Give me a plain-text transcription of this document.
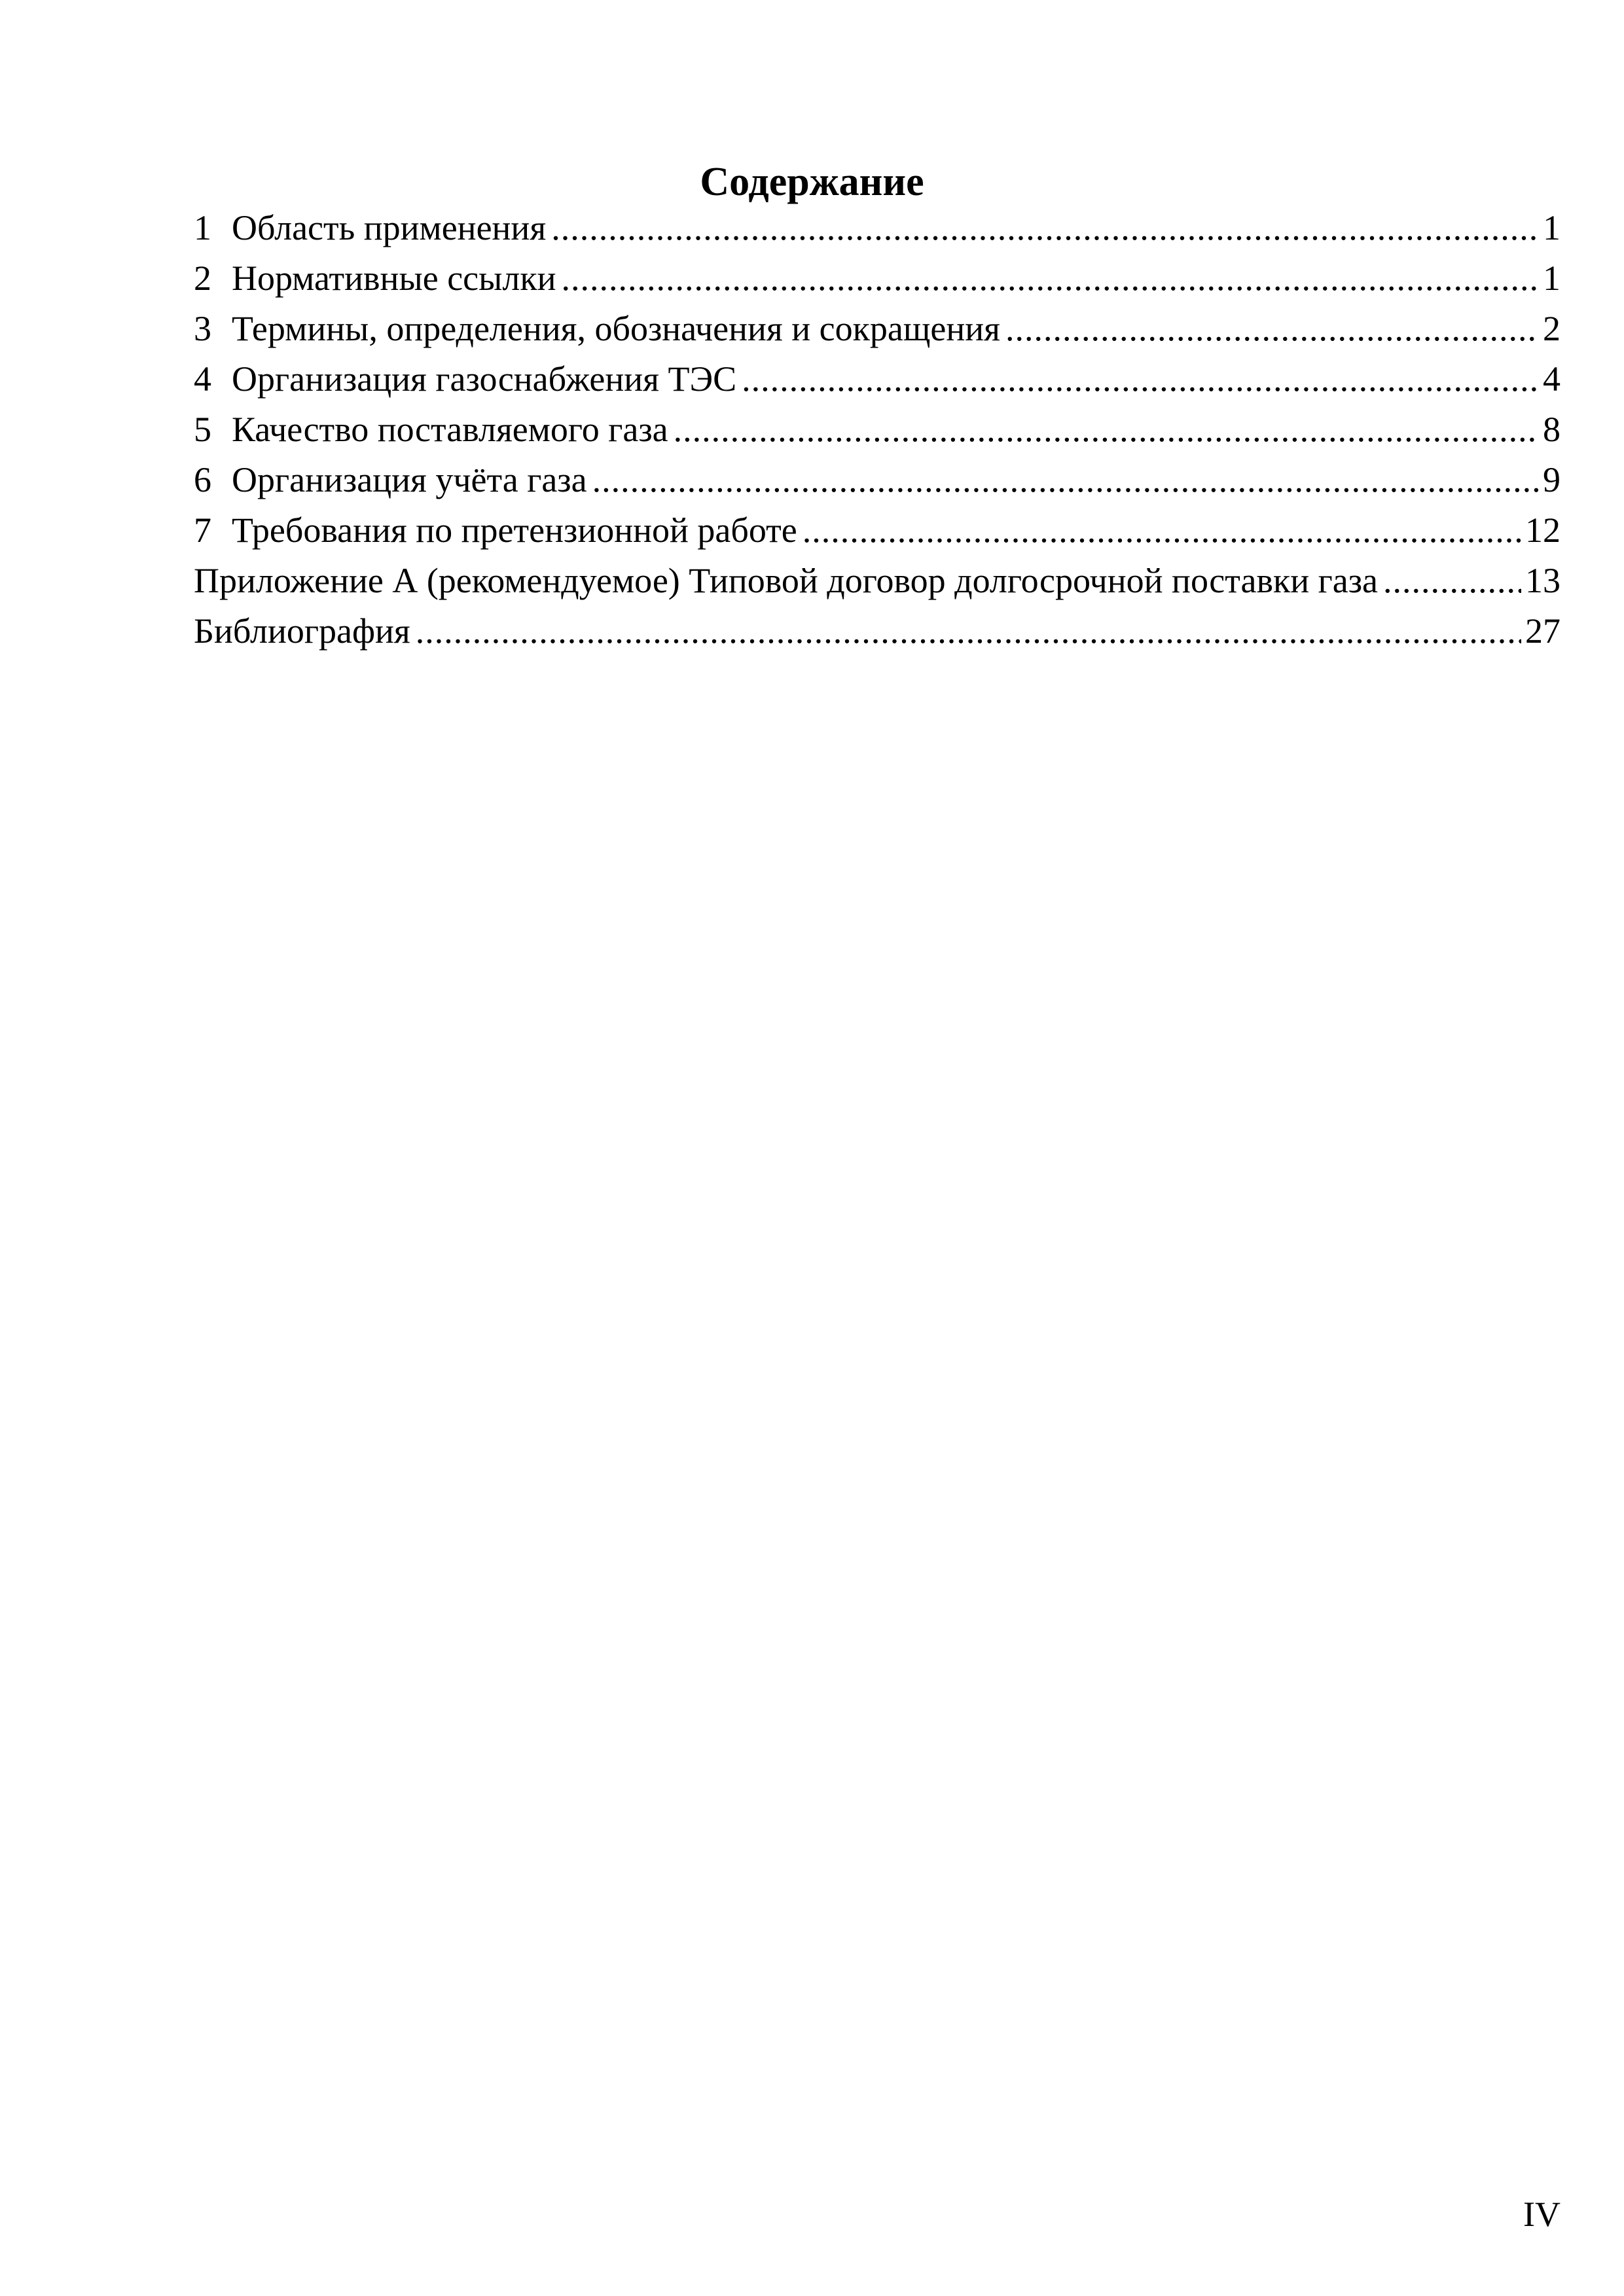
Содержание
1 Область применения .....	1
2 Нормативные ссылки .....	1
3 Термины, определения, обозначения и сокращения .....	2
4 Организация газоснабжения ТЭС .....	4
5 Качество поставляемого газа .....	8
6 Организация учёта газа .....	9
7 Требования по претензионной работе .....	12
Приложение А (рекомендуемое) Типовой договор долгосрочной поставки газа .....	13
Библиография .....	27
IV
